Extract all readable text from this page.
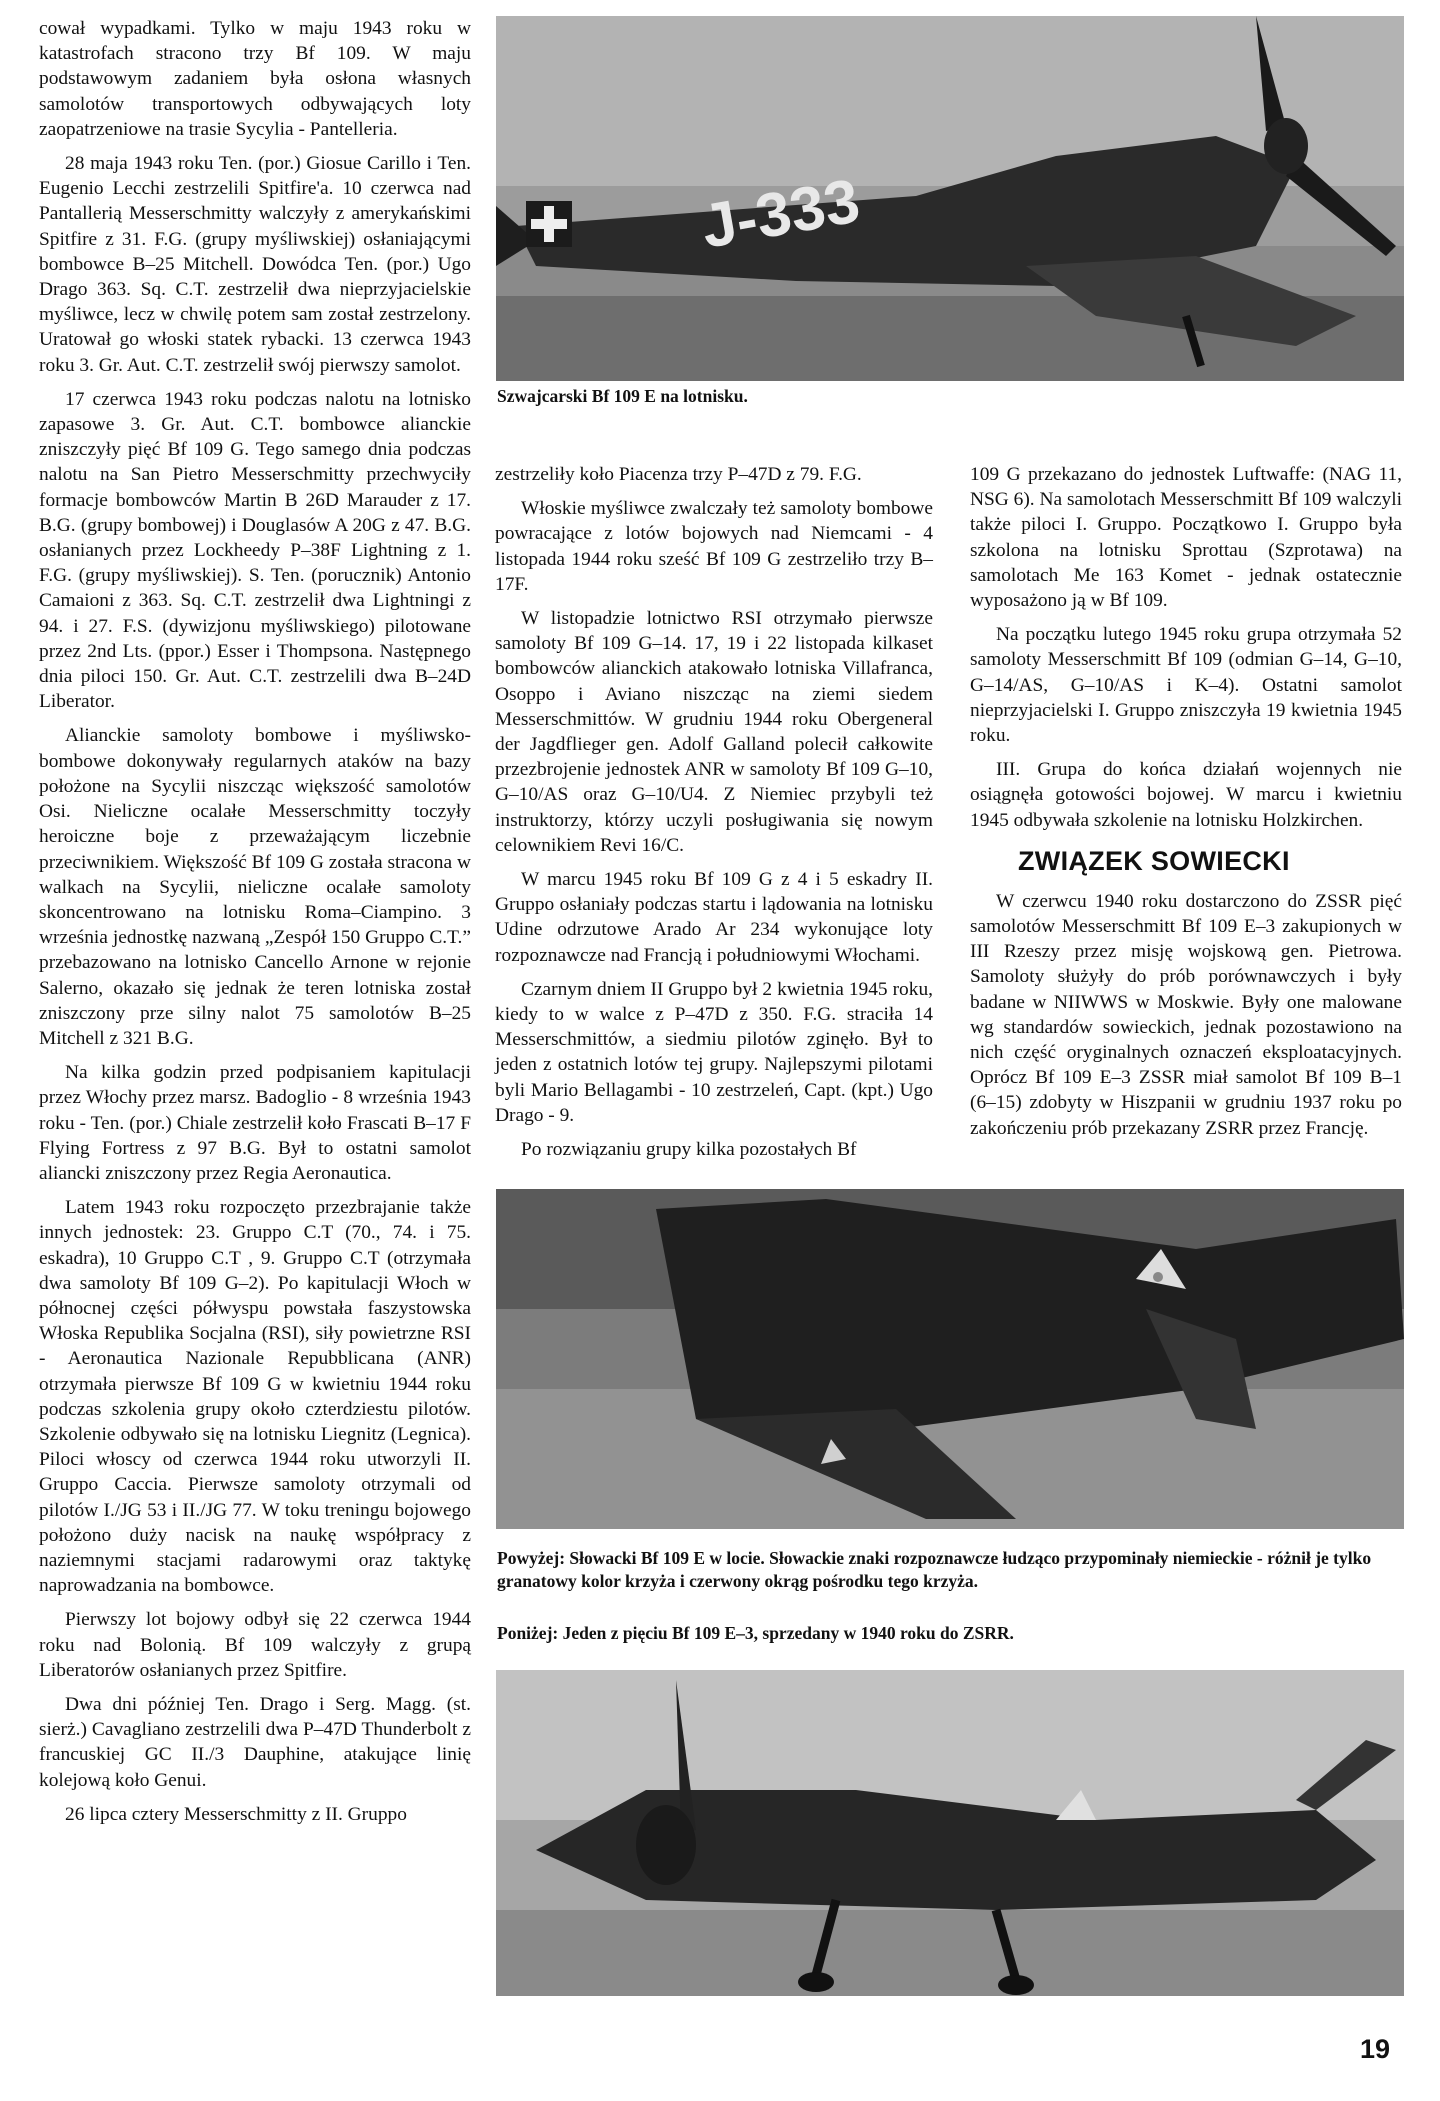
cował wypadkami. Tylko w maju 1943 roku w katastrofach stracono trzy Bf 109. W maju podstawowym zadaniem była osłona własnych samolotów transportowych odbywających loty zaopatrzeniowe na trasie Sycylia - Pantelleria.

28 maja 1943 roku Ten. (por.) Giosue Carillo i Ten. Eugenio Lecchi zestrzelili Spitfire'a. 10 czerwca nad Pantallerią Messerschmitty walczyły z amerykańskimi Spitfire z 31. F.G. (grupy myśliwskiej) osłaniającymi bombowce B–25 Mitchell. Dowódca Ten. (por.) Ugo Drago 363. Sq. C.T. zestrzelił dwa nieprzyjacielskie myśliwce, lecz w chwilę potem sam został zestrzelony. Uratował go włoski statek rybacki. 13 czerwca 1943 roku 3. Gr. Aut. C.T. zestrzelił swój pierwszy samolot.

17 czerwca 1943 roku podczas nalotu na lotnisko zapasowe 3. Gr. Aut. C.T. bombowce alianckie zniszczyły pięć Bf 109 G. Tego samego dnia podczas nalotu na San Pietro Messerschmitty przechwyciły formacje bombowców Martin B 26D Marauder z 17. B.G. (grupy bombowej) i Douglasów A 20G z 47. B.G. osłanianych przez Lockheedy P–38F Lightning z 1. F.G. (grupy myśliwskiej). S. Ten. (porucznik) Antonio Camaioni z 363. Sq. C.T. zestrzelił dwa Lightningi z 94. i 27. F.S. (dywizjonu myśliwskiego) pilotowane przez 2nd Lts. (ppor.) Esser i Thompsona. Następnego dnia piloci 150. Gr. Aut. C.T. zestrzelili dwa B–24D Liberator.

Alianckie samoloty bombowe i myśliwsko-bombowe dokonywały regularnych ataków na bazy położone na Sycylii niszcząc większość samolotów Osi. Nieliczne ocalałe Messerschmitty toczyły heroiczne boje z przeważającym liczebnie przeciwnikiem. Większość Bf 109 G została stracona w walkach na Sycylii, nieliczne ocalałe samoloty skoncentrowano na lotnisku Roma–Ciampino. 3 września jednostkę nazwaną „Zespół 150 Gruppo C.T.” przebazowano na lotnisko Cancello Arnone w rejonie Salerno, okazało się jednak że teren lotniska został zniszczony prze silny nalot 75 samolotów B–25 Mitchell z 321 B.G.

Na kilka godzin przed podpisaniem kapitulacji przez Włochy przez marsz. Badoglio - 8 września 1943 roku - Ten. (por.) Chiale zestrzelił koło Frascati B–17 F Flying Fortress z 97 B.G. Był to ostatni samolot aliancki zniszczony przez Regia Aeronautica.

Latem 1943 roku rozpoczęto przezbrajanie także innych jednostek: 23. Gruppo C.T (70., 74. i 75. eskadra), 10 Gruppo C.T , 9. Gruppo C.T (otrzymała dwa samoloty Bf 109 G–2). Po kapitulacji Włoch w północnej części półwyspu powstała faszystowska Włoska Republika Socjalna (RSI), siły powietrzne RSI - Aeronautica Nazionale Repubblicana (ANR) otrzymała pierwsze Bf 109 G w kwietniu 1944 roku podczas szkolenia grupy około czterdziestu pilotów. Szkolenie odbywało się na lotnisku Liegnitz (Legnica). Piloci włoscy od czerwca 1944 roku utworzyli II. Gruppo Caccia. Pierwsze samoloty otrzymali od pilotów I./JG 53 i II./JG 77. W toku treningu bojowego położono duży nacisk na naukę współpracy z naziemnymi stacjami radarowymi oraz taktykę naprowadzania na bombowce.

Pierwszy lot bojowy odbył się 22 czerwca 1944 roku nad Bolonią. Bf 109 walczyły z grupą Liberatorów osłanianych przez Spitfire.

Dwa dni później Ten. Drago i Serg. Magg. (st. sierż.) Cavagliano zestrzelili dwa P–47D Thunderbolt z francuskiej GC II./3 Dauphine, atakujące linię kolejową koło Genui.

26 lipca cztery Messerschmitty z II. Gruppo

J-333
Szwajcarski Bf 109 E na lotnisku.

zestrzeliły koło Piacenza trzy P–47D z 79. F.G.

Włoskie myśliwce zwalczały też samoloty bombowe powracające z lotów bojowych nad Niemcami - 4 listopada 1944 roku sześć Bf 109 G zestrzeliło trzy B–17F.

W listopadzie lotnictwo RSI otrzymało pierwsze samoloty Bf 109 G–14. 17, 19 i 22 listopada kilkaset bombowców alianckich atakowało lotniska Villafranca, Osoppo i Aviano niszcząc na ziemi siedem Messerschmittów. W grudniu 1944 roku Obergeneral der Jagdflieger gen. Adolf Galland polecił całkowite przezbrojenie jednostek ANR w samoloty Bf 109 G–10, G–10/AS oraz G–10/U4. Z Niemiec przybyli też instruktorzy, którzy uczyli posługiwania się nowym celownikiem Revi 16/C.

W marcu 1945 roku Bf 109 G z 4 i 5 eskadry II. Gruppo osłaniały podczas startu i lądowania na lotnisku Udine odrzutowe Arado Ar 234 wykonujące loty rozpoznawcze nad Francją i południowymi Włochami.

Czarnym dniem II Gruppo był 2 kwietnia 1945 roku, kiedy to w walce z P–47D z 350. F.G. straciła 14 Messerschmittów, a siedmiu pilotów zginęło. Był to jeden z ostatnich lotów tej grupy. Najlepszymi pilotami byli Mario Bellagambi - 10 zestrzeleń, Capt. (kpt.) Ugo Drago - 9.

Po rozwiązaniu grupy kilka pozostałych Bf

109 G przekazano do jednostek Luftwaffe: (NAG 11, NSG 6). Na samolotach Messerschmitt Bf 109 walczyli także piloci I. Gruppo. Początkowo I. Gruppo była szkolona na lotnisku Sprottau (Szprotawa) na samolotach Me 163 Komet - jednak ostatecznie wyposażono ją w Bf 109.

Na początku lutego 1945 roku grupa otrzymała 52 samoloty Messerschmitt Bf 109 (odmian G–14, G–10, G–14/AS, G–10/AS i K–4). Ostatni samolot nieprzyjacielski I. Gruppo zniszczyła 19 kwietnia 1945 roku.

III. Grupa do końca działań wojennych nie osiągnęła gotowości bojowej. W marcu i kwietniu 1945 odbywała szkolenie na lotnisku Holzkirchen.

ZWIĄZEK SOWIECKI

W czerwcu 1940 roku dostarczono do ZSSR pięć samolotów Messerschmitt Bf 109 E–3 zakupionych w III Rzeszy przez misję wojskową gen. Pietrowa. Samoloty służyły do prób porównawczych i były badane w NIIWWS w Moskwie. Były one malowane wg standardów sowieckich, jednak pozostawiono na nich część oryginalnych oznaczeń eksploatacyjnych. Oprócz Bf 109 E–3 ZSSR miał samolot Bf 109 B–1 (6–15) zdobyty w Hiszpanii w grudniu 1937 roku po zakończeniu prób przekazany ZSRR przez Francję.

Powyżej: Słowacki Bf 109 E w locie. Słowackie znaki rozpoznawcze łudząco przypominały niemieckie - różnił je tylko granatowy kolor krzyża i czerwony okrąg pośrodku tego krzyża.
Poniżej: Jeden z pięciu Bf 109 E–3, sprzedany w 1940 roku do ZSRR.
19
